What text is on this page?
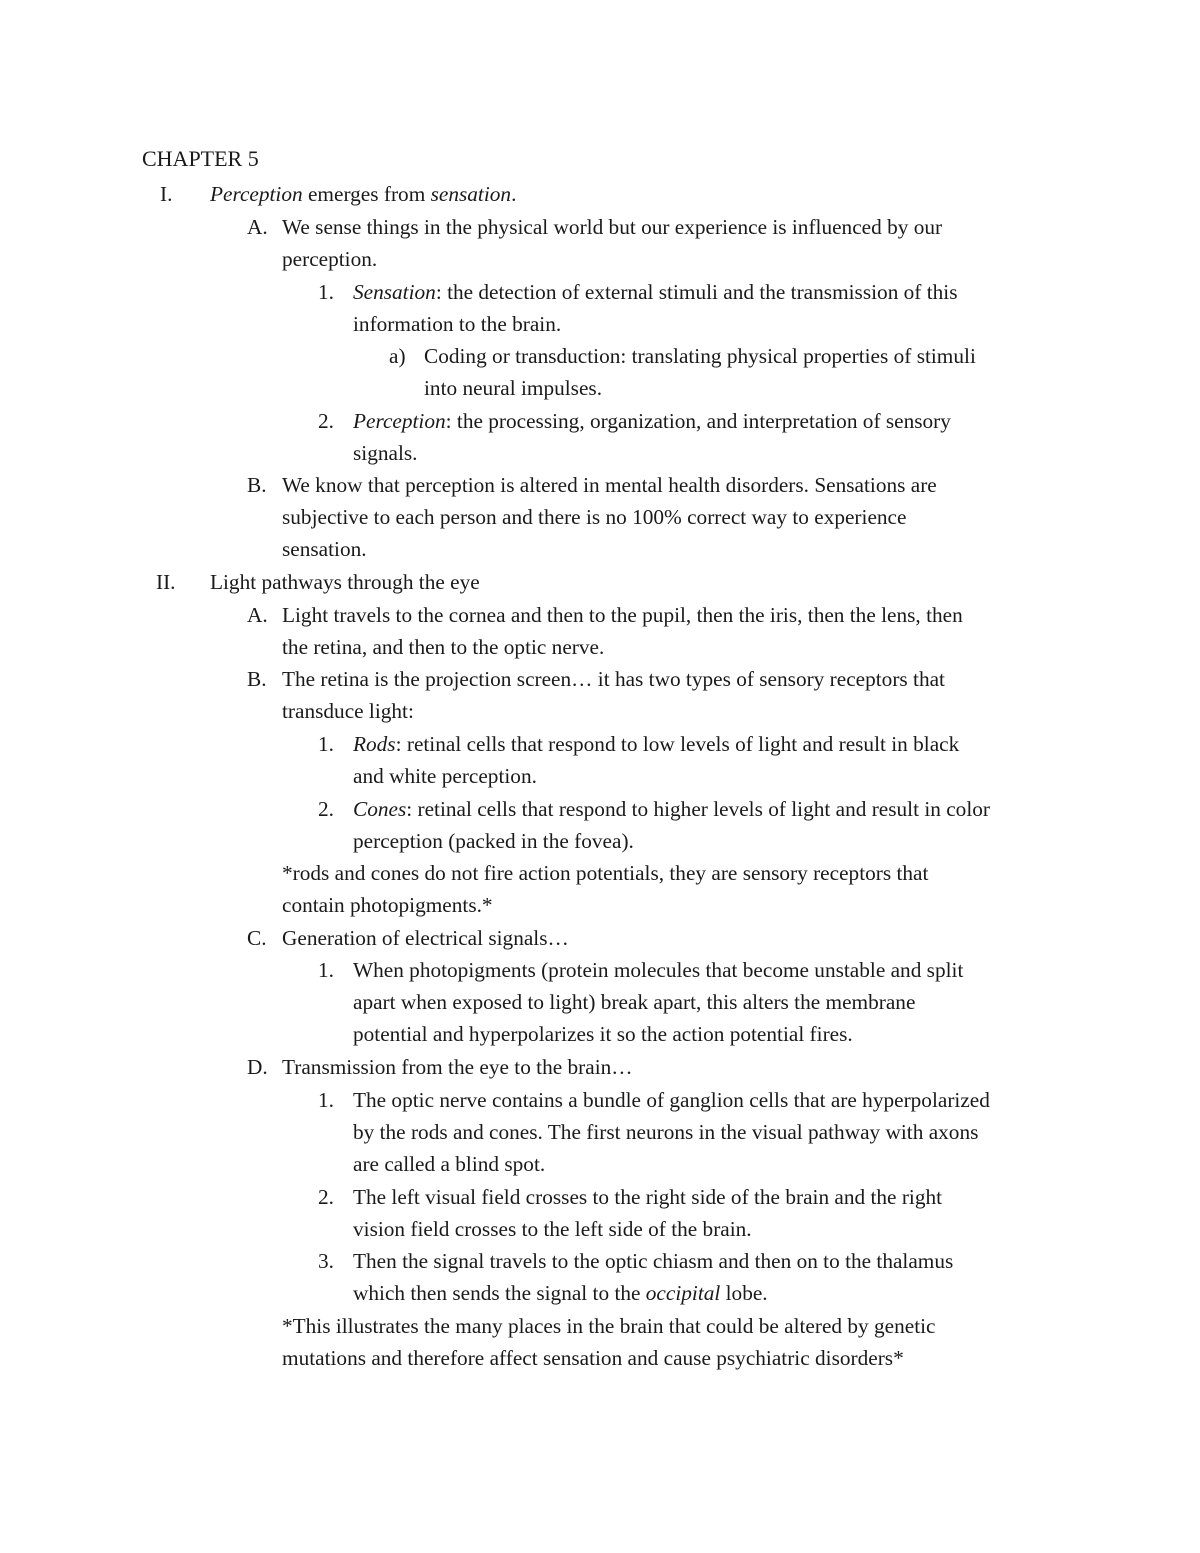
CHAPTER 5
I.	Perception emerges from sensation.
A. We sense things in the physical world but our experience is influenced by our
perception.
1. Sensation: the detection of external stimuli and the transmission of this
information to the brain.
a) Coding or transduction: translating physical properties of stimuli
into neural impulses.
2. Perception: the processing, organization, and interpretation of sensory
signals.
B. We know that perception is altered in mental health disorders. Sensations are
subjective to each person and there is no 100% correct way to experience
sensation.
II.	Light pathways through the eye
A. Light travels to the cornea and then to the pupil, then the iris, then the lens, then
the retina, and then to the optic nerve.
B. The retina is the projection screen… it has two types of sensory receptors that
transduce light:
1. Rods: retinal cells that respond to low levels of light and result in black
and white perception.
2. Cones: retinal cells that respond to higher levels of light and result in color
perception (packed in the fovea).
*rods and cones do not fire action potentials, they are sensory receptors that
contain photopigments.*
C. Generation of electrical signals…
1. When photopigments (protein molecules that become unstable and split
apart when exposed to light) break apart, this alters the membrane
potential and hyperpolarizes it so the action potential fires.
D. Transmission from the eye to the brain…
1. The optic nerve contains a bundle of ganglion cells that are hyperpolarized
by the rods and cones. The first neurons in the visual pathway with axons
are called a blind spot.
2. The left visual field crosses to the right side of the brain and the right
vision field crosses to the left side of the brain.
3. Then the signal travels to the optic chiasm and then on to the thalamus
which then sends the signal to the occipital lobe.
*This illustrates the many places in the brain that could be altered by genetic
mutations and therefore affect sensation and cause psychiatric disorders*
